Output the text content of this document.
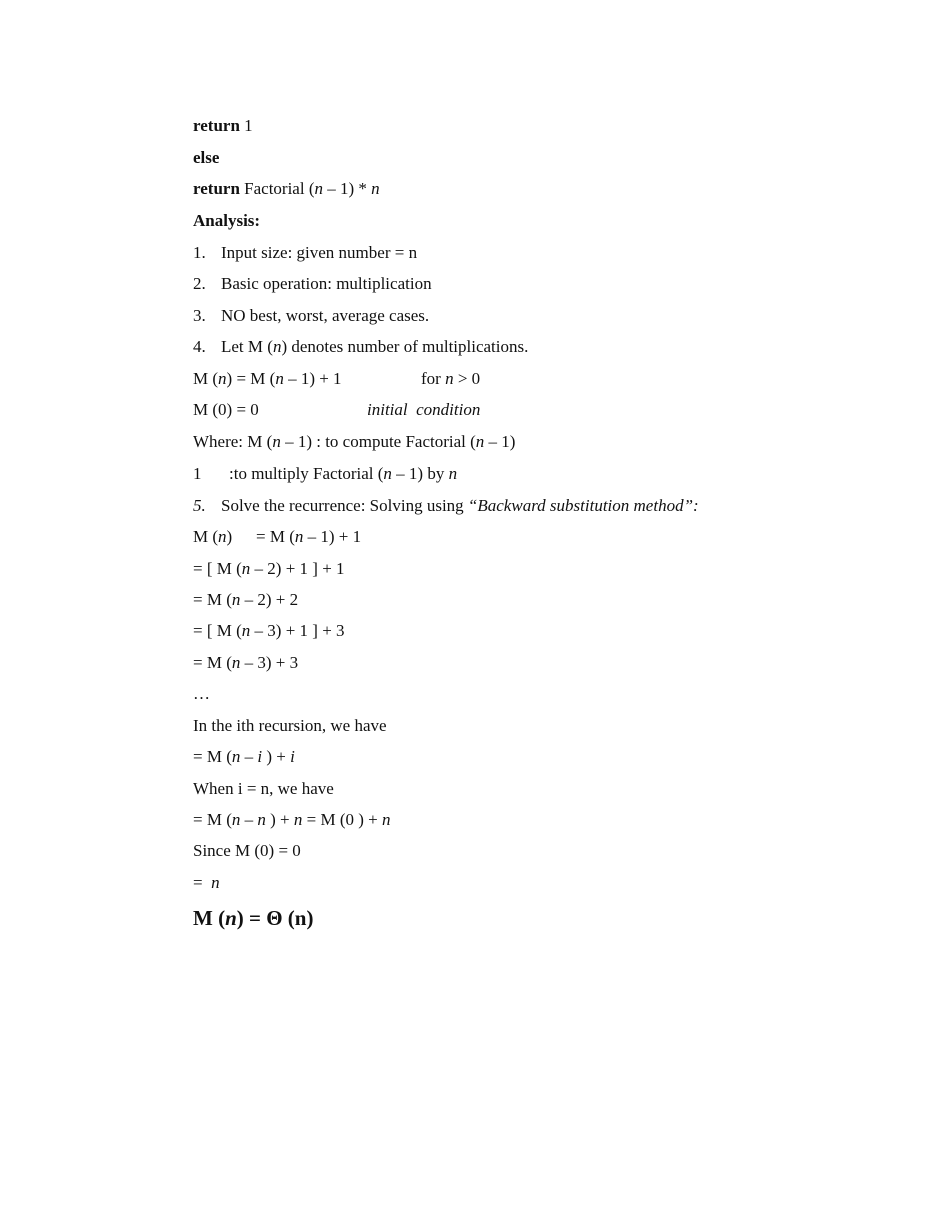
return 1
else
return Factorial (n – 1) * n
Analysis:
1. Input size: given number = n
2. Basic operation: multiplication
3. NO best, worst, average cases.
4. Let M (n) denotes number of multiplications.
M (n) = M (n – 1) + 1	for n > 0
M (0) = 0	initial  condition
Where: M (n – 1) : to compute Factorial (n – 1)
1 :to multiply Factorial (n – 1) by n
5. Solve the recurrence: Solving using “Backward substitution method”:
M (n) = M (n – 1) + 1
= [ M (n – 2) + 1 ] + 1
= M (n – 2) + 2
= [ M (n – 3) + 1 ] + 3
= M (n – 3) + 3
…
In the ith recursion, we have
= M (n – i ) + i
When i = n, we have
= M (n – n ) + n = M (0 ) + n
Since M (0) = 0
=  n
M (n) = Θ (n)
